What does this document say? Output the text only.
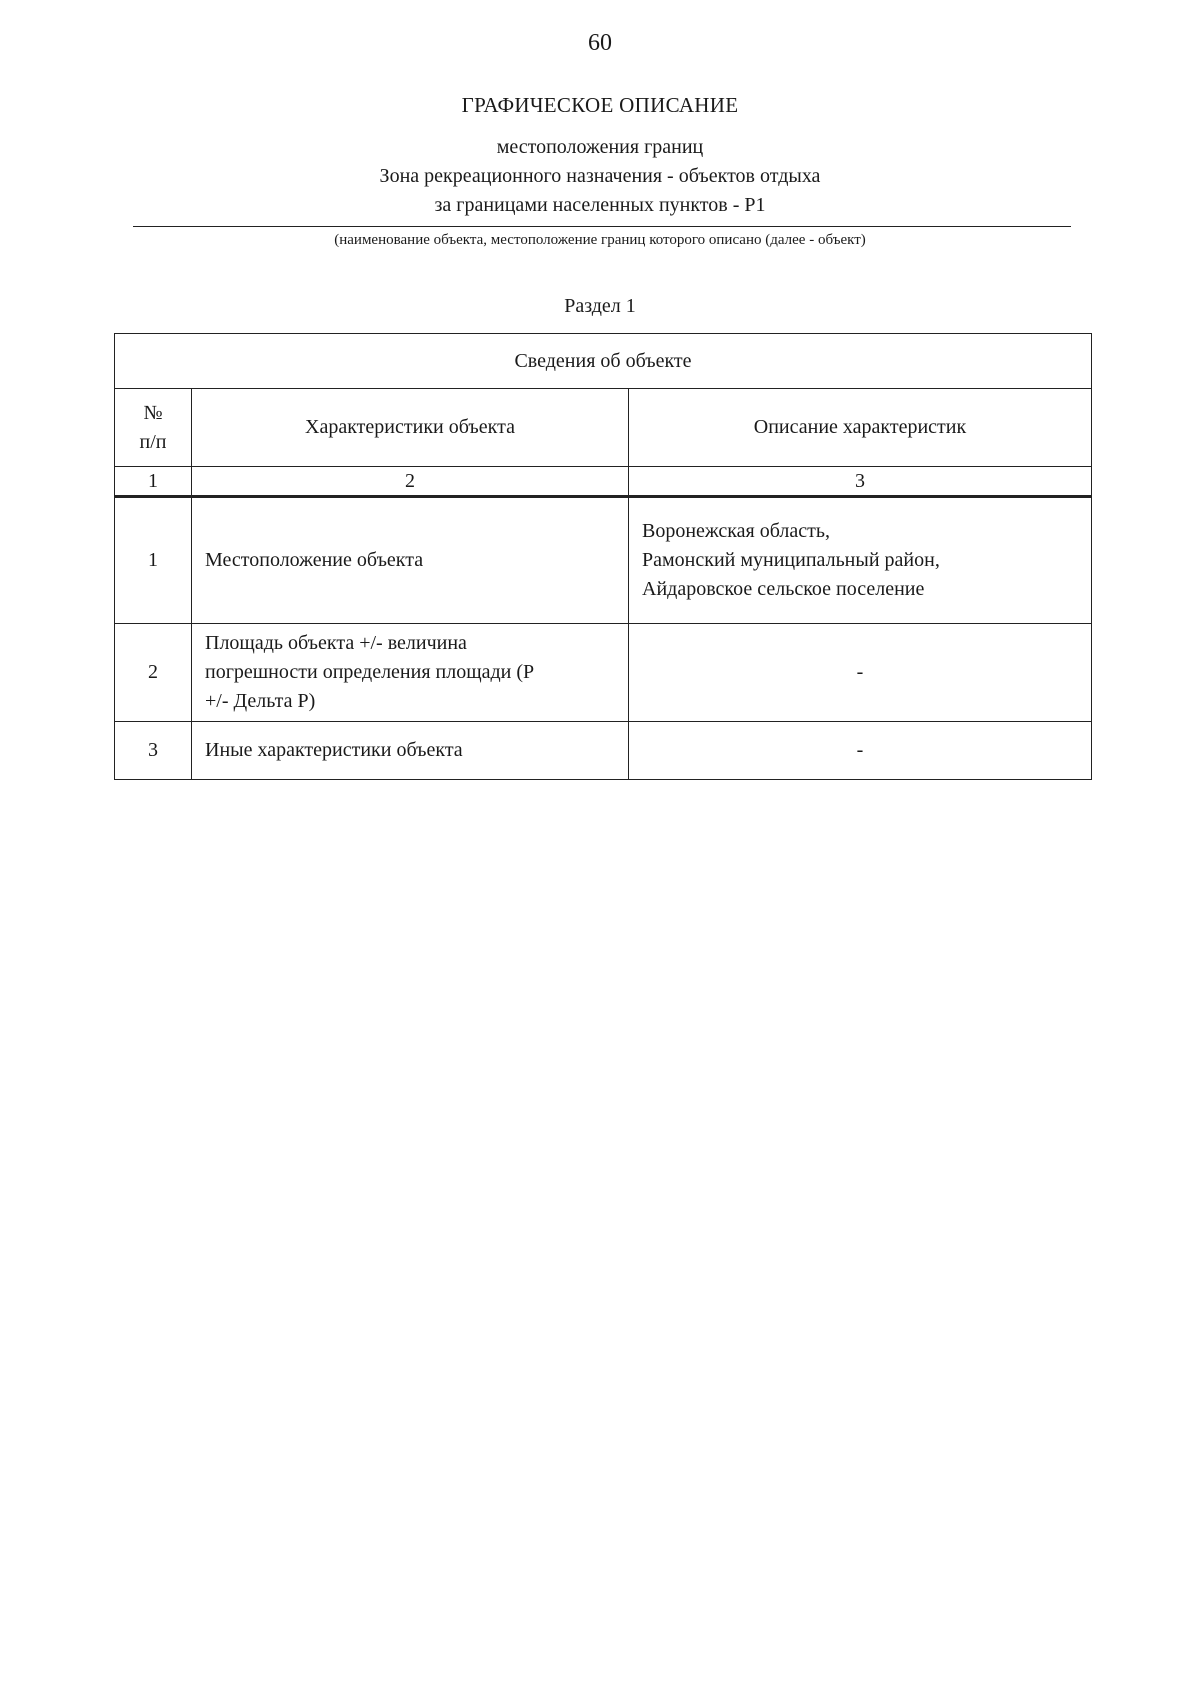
60
ГРАФИЧЕСКОЕ ОПИСАНИЕ
местоположения границ
Зона рекреационного назначения - объектов отдыха
за границами населенных пунктов - Р1
(наименование объекта, местоположение границ которого описано (далее - объект)
Раздел 1
Сведения об объекте		

№
п/п	Характеристики объекта	Описание характеристик
1	2	3
1	Местоположение объекта	Воронежская область,
Рамонский муниципальный район,
Айдаровское сельское поселение

2	Площадь объекта +/- величина
погрешности определения площади (Р
+/- Дельта Р)	-
3	Иные характеристики объекта	-
